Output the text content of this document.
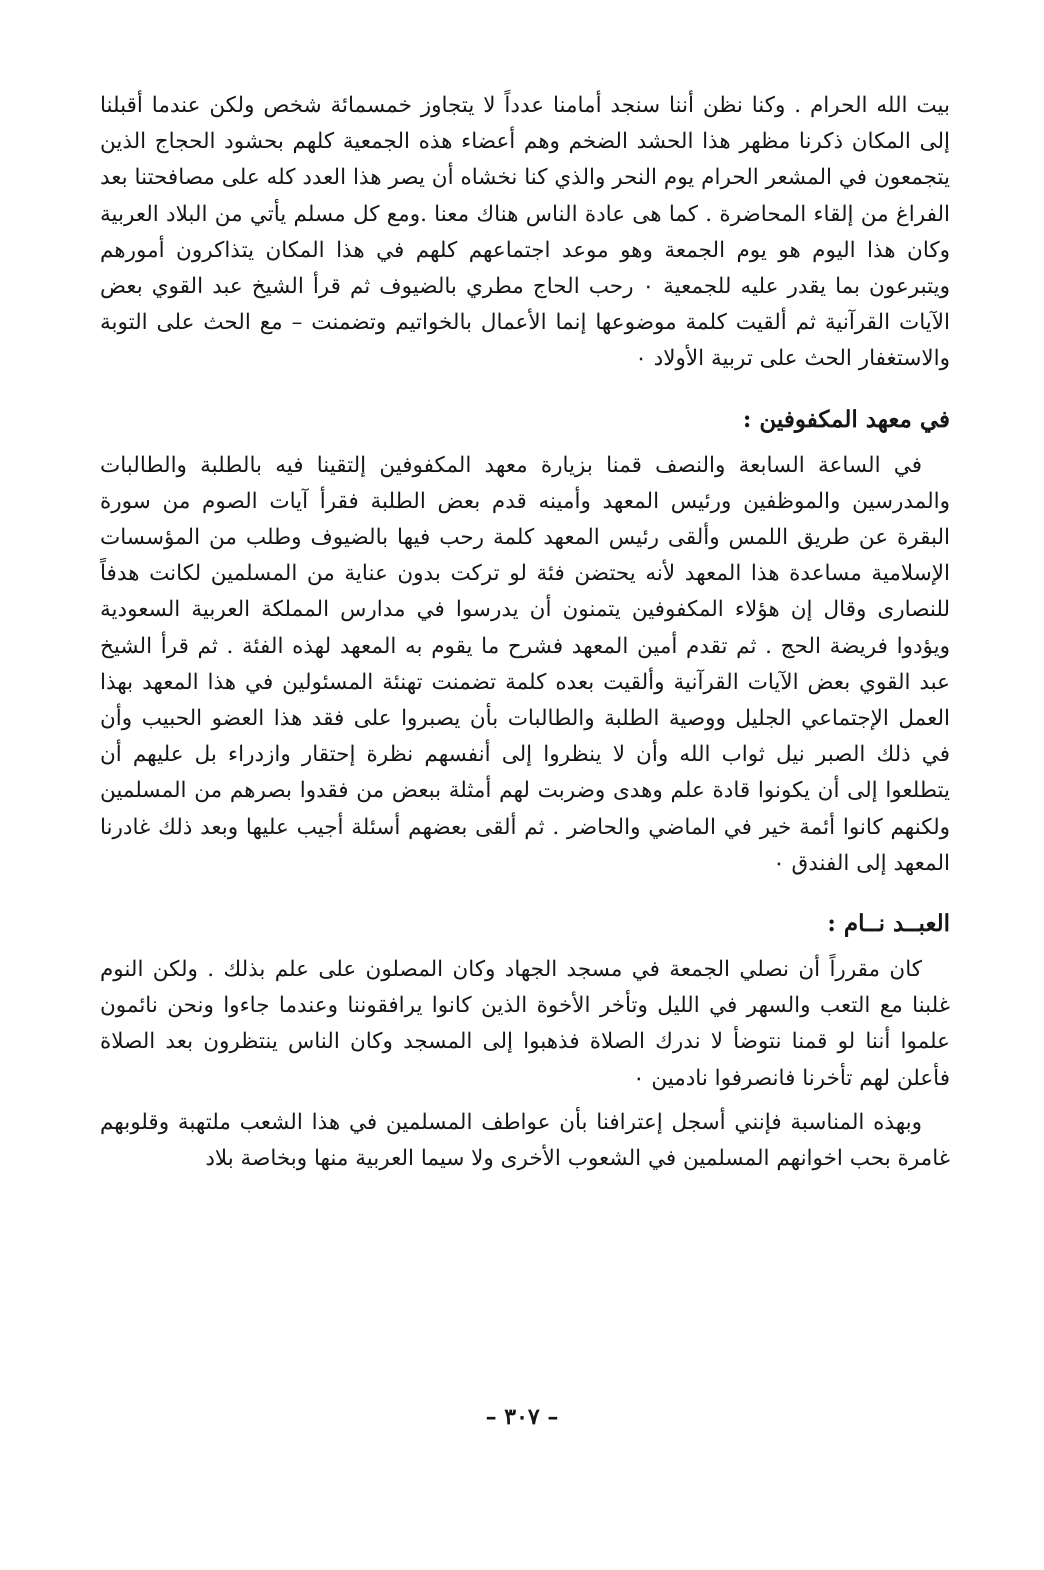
بيت الله الحرام . وكنا نظن أننا سنجد أمامنا عدداً لا يتجاوز خمسمائة شخص ولكن عندما أقبلنا إلى المكان ذكرنا مظهر هذا الحشد الضخم وهم أعضاء هذه الجمعية كلهم بحشود الحجاج الذين يتجمعون في المشعر الحرام يوم النحر والذي كنا نخشاه أن يصر هذا العدد كله على مصافحتنا بعد الفراغ من إلقاء المحاضرة . كما هى عادة الناس هناك معنا .ومع كل مسلم يأتي من البلاد العربية وكان هذا اليوم هو يوم الجمعة وهو موعد اجتماعهم كلهم في هذا المكان يتذاكرون أمورهم ويتبرعون بما يقدر عليه للجمعية ٠ رحب الحاج مطري بالضيوف ثم قرأ الشيخ عبد القوي بعض الآيات القرآنية ثم ألقيت كلمة موضوعها إنما الأعمال بالخواتيم وتضمنت – مع الحث على التوبة والاستغفار الحث على تربية الأولاد ٠

في معهد المكفوفين :

في الساعة السابعة والنصف قمنا بزيارة معهد المكفوفين إلتقينا فيه بالطلبة والطالبات والمدرسين والموظفين ورئيس المعهد وأمينه قدم بعض الطلبة فقرأ آيات الصوم من سورة البقرة عن طريق اللمس وألقى رئيس المعهد كلمة رحب فيها بالضيوف وطلب من المؤسسات الإسلامية مساعدة هذا المعهد لأنه يحتضن فئة لو تركت بدون عناية من المسلمين لكانت هدفاً للنصارى وقال إن هؤلاء المكفوفين يتمنون أن يدرسوا في مدارس المملكة العربية السعودية ويؤدوا فريضة الحج . ثم تقدم أمين المعهد فشرح ما يقوم به المعهد لهذه الفئة . ثم قرأ الشيخ عبد القوي بعض الآيات القرآنية وألقيت بعده كلمة تضمنت تهنئة المسئولين في هذا المعهد بهذا العمل الإجتماعي الجليل ووصية الطلبة والطالبات بأن يصبروا على فقد هذا العضو الحبيب وأن في ذلك الصبر نيل ثواب الله وأن لا ينظروا إلى أنفسهم نظرة إحتقار وازدراء بل عليهم أن يتطلعوا إلى أن يكونوا قادة علم وهدى وضربت لهم أمثلة ببعض من فقدوا بصرهم من المسلمين ولكنهم كانوا أئمة خير في الماضي والحاضر . ثم ألقى بعضهم أسئلة أجيب عليها وبعد ذلك غادرنا المعهد إلى الفندق ٠

العبــد نــام :

كان مقرراً أن نصلي الجمعة في مسجد الجهاد وكان المصلون على علم بذلك . ولكن النوم غلبنا مع التعب والسهر في الليل وتأخر الأخوة الذين كانوا يرافقوننا وعندما جاءوا ونحن نائمون علموا أننا لو قمنا نتوضأ لا ندرك الصلاة فذهبوا إلى المسجد وكان الناس ينتظرون بعد الصلاة فأعلن لهم تأخرنا فانصرفوا نادمين ٠

وبهذه المناسبة فإنني أسجل إعترافنا بأن عواطف المسلمين في هذا الشعب ملتهبة وقلوبهم غامرة بحب اخوانهم المسلمين في الشعوب الأخرى ولا سيما العربية منها وبخاصة بلاد

– ٣٠٧ –
